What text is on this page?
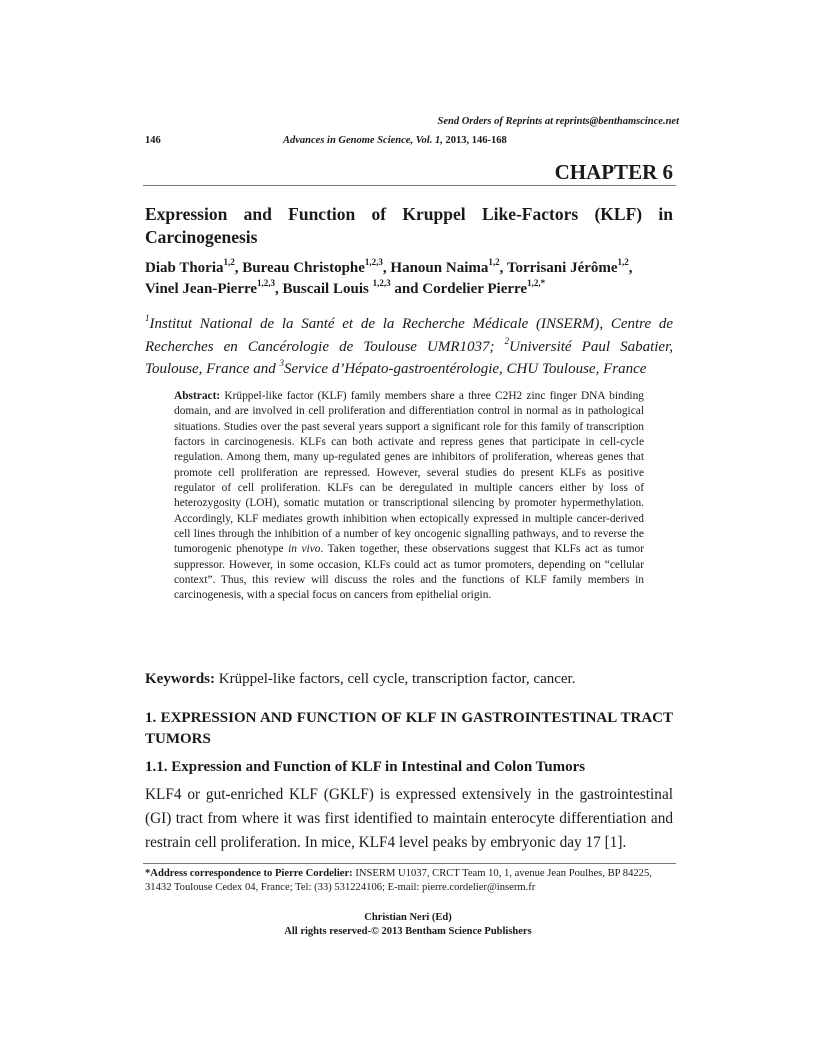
Send Orders of Reprints at reprints@benthamscince.net
146	Advances in Genome Science, Vol. 1, 2013, 146-168
CHAPTER 6
Expression and Function of Kruppel Like-Factors (KLF) in Carcinogenesis
Diab Thoria$^{1,2}$, Bureau Christophe$^{1,2,3}$, Hanoun Naima$^{1,2}$, Torrisani Jérôme$^{1,2}$,
Vinel Jean-Pierre$^{1,2,3}$, Buscail Louis $^{1,2,3}$ and Cordelier Pierre$^{1,2,*}$
$^1$Institut National de la Santé et de la Recherche Médicale (INSERM), Centre de Recherches en Cancérologie de Toulouse UMR1037; $^2$Université Paul Sabatier, Toulouse, France and $^3$Service d’Hépato-gastroentérologie, CHU Toulouse, France
Abstract: Krüppel-like factor (KLF) family members share a three C2H2 zinc finger DNA binding domain, and are involved in cell proliferation and differentiation control in normal as in pathological situations. Studies over the past several years support a significant role for this family of transcription factors in carcinogenesis. KLFs can both activate and repress genes that participate in cell-cycle regulation. Among them, many up-regulated genes are inhibitors of proliferation, whereas genes that promote cell proliferation are repressed. However, several studies do present KLFs as positive regulator of cell proliferation. KLFs can be deregulated in multiple cancers either by loss of heterozygosity (LOH), somatic mutation or transcriptional silencing by promoter hypermethylation. Accordingly, KLF mediates growth inhibition when ectopically expressed in multiple cancer-derived cell lines through the inhibition of a number of key oncogenic signalling pathways, and to reverse the tumorogenic phenotype in vivo. Taken together, these observations suggest that KLFs act as tumor suppressor. However, in some occasion, KLFs could act as tumor promoters, depending on “cellular context”. Thus, this review will discuss the roles and the functions of KLF family members in carcinogenesis, with a special focus on cancers from epithelial origin.
Keywords: Krüppel-like factors, cell cycle, transcription factor, cancer.
1. EXPRESSION AND FUNCTION OF KLF IN GASTROINTESTINAL TRACT TUMORS
1.1. Expression and Function of KLF in Intestinal and Colon Tumors
KLF4 or gut-enriched KLF (GKLF) is expressed extensively in the gastrointestinal (GI) tract from where it was first identified to maintain enterocyte differentiation and restrain cell proliferation. In mice, KLF4 level peaks by embryonic day 17 [1].
*Address correspondence to Pierre Cordelier: INSERM U1037, CRCT Team 10, 1, avenue Jean Poulhes, BP 84225, 31432 Toulouse Cedex 04, France; Tel: (33) 531224106; E-mail: pierre.cordelier@inserm.fr
Christian Neri (Ed)
All rights reserved-© 2013 Bentham Science Publishers
